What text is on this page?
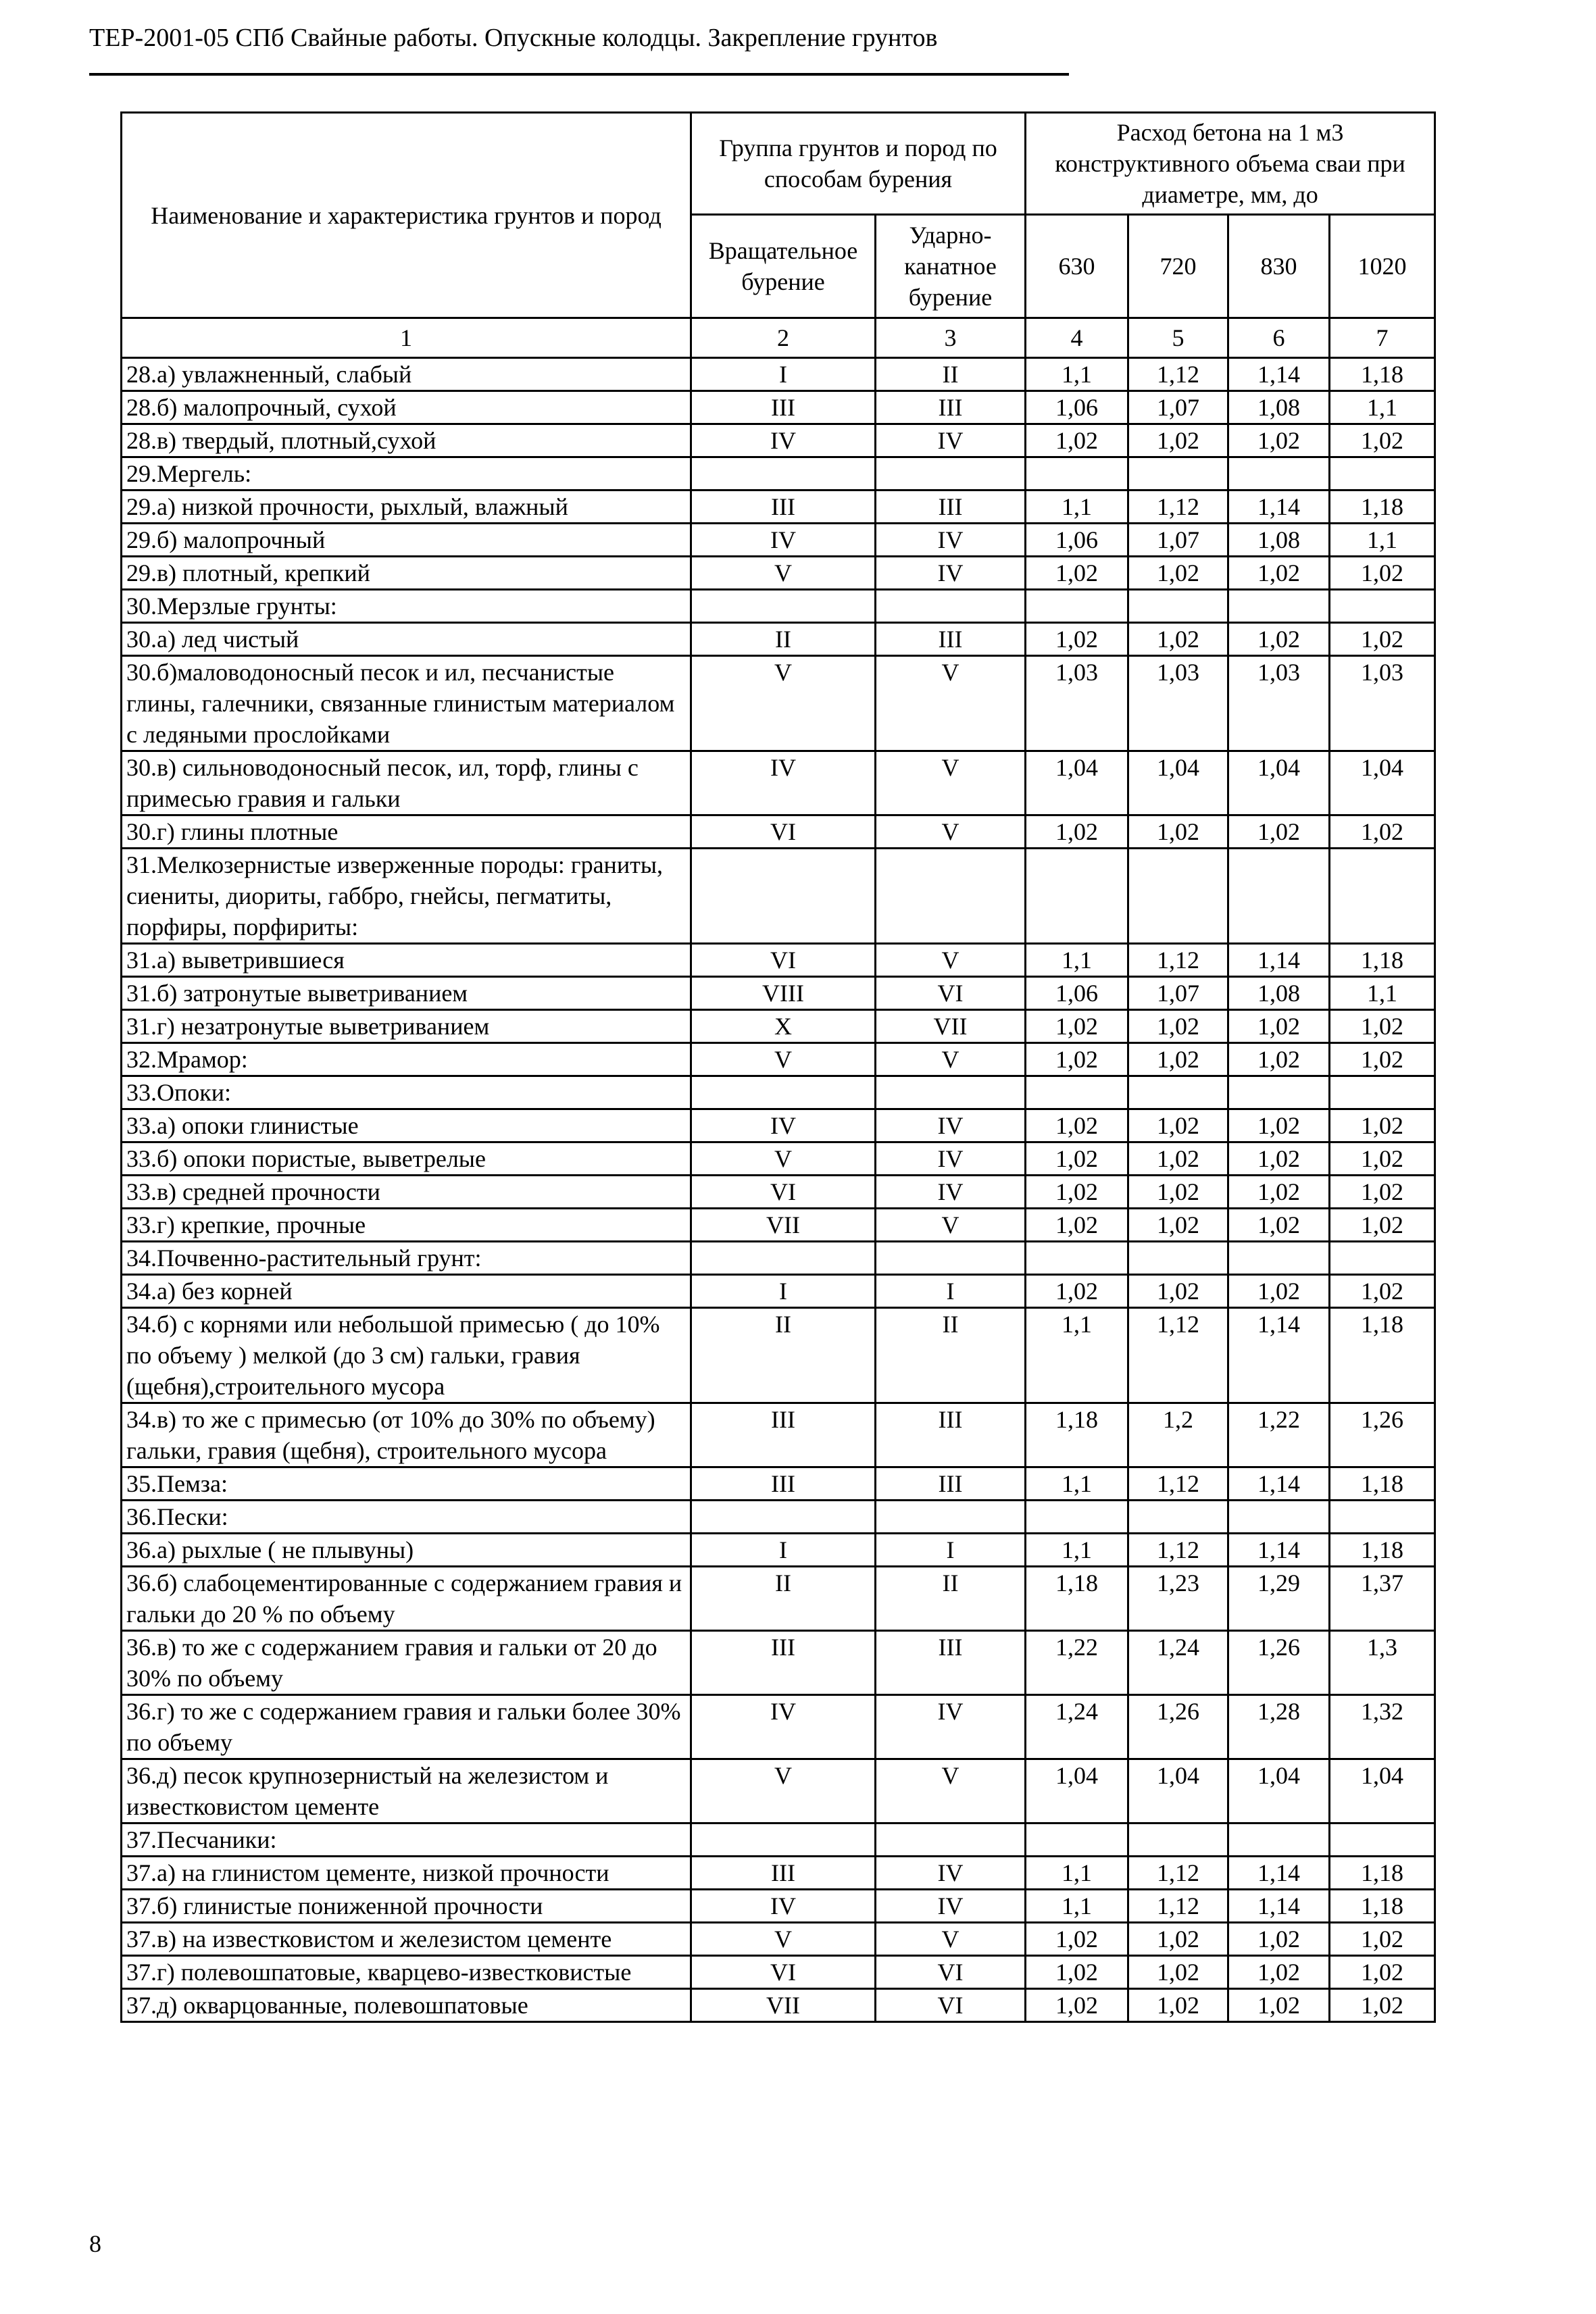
ТЕР-2001-05 СПб Свайные работы. Опускные колодцы. Закрепление грунтов
Наименование и характеристика грунтов и пород	Группа грунтов и пород по способам бурения		Расход бетона на 1 м3 конструктивного объема сваи при диаметре, мм, до			
	Вращательное бурение	Ударно-канатное бурение	630	720	830	1020
1	2	3	4	5	6	7
28.а) увлажненный, слабый	I	II	1,1	1,12	1,14	1,18
28.б) малопрочный, сухой	III	III	1,06	1,07	1,08	1,1
28.в) твердый, плотный,сухой	IV	IV	1,02	1,02	1,02	1,02
29.Мергель:						
29.а) низкой прочности, рыхлый, влажный	III	III	1,1	1,12	1,14	1,18
29.б) малопрочный	IV	IV	1,06	1,07	1,08	1,1
29.в) плотный, крепкий	V	IV	1,02	1,02	1,02	1,02
30.Мерзлые грунты:						
30.а) лед чистый	II	III	1,02	1,02	1,02	1,02
30.б)маловодоносный песок и ил, песчанистые глины, галечники, связанные глинистым материалом с ледяными прослойками	V	V	1,03	1,03	1,03	1,03
30.в) сильноводоносный песок, ил, торф, глины с примесью гравия и гальки	IV	V	1,04	1,04	1,04	1,04
30.г) глины плотные	VI	V	1,02	1,02	1,02	1,02
31.Мелкозернистые изверженные породы: граниты, сиениты, диориты, габбро, гнейсы, пегматиты, порфиры, порфириты:						
31.а) выветрившиеся	VI	V	1,1	1,12	1,14	1,18
31.б) затронутые выветриванием	VIII	VI	1,06	1,07	1,08	1,1
31.г) незатронутые выветриванием	X	VII	1,02	1,02	1,02	1,02
32.Мрамор:	V	V	1,02	1,02	1,02	1,02
33.Опоки:						
33.а) опоки глинистые	IV	IV	1,02	1,02	1,02	1,02
33.б) опоки пористые, выветрелые	V	IV	1,02	1,02	1,02	1,02
33.в) средней прочности	VI	IV	1,02	1,02	1,02	1,02
33.г) крепкие, прочные	VII	V	1,02	1,02	1,02	1,02
34.Почвенно-растительный грунт:						
34.а) без корней	I	I	1,02	1,02	1,02	1,02
34.б) с корнями или небольшой примесью ( до 10% по объему ) мелкой (до 3 см) гальки, гравия (щебня),строительного мусора	II	II	1,1	1,12	1,14	1,18
34.в) то же с примесью (от 10% до 30% по объему) гальки, гравия (щебня), строительного мусора	III	III	1,18	1,2	1,22	1,26
35.Пемза:	III	III	1,1	1,12	1,14	1,18
36.Пески:						
36.а) рыхлые ( не плывуны)	I	I	1,1	1,12	1,14	1,18
36.б) слабоцементированные с содержанием гравия и гальки до 20 % по объему	II	II	1,18	1,23	1,29	1,37
36.в) то же с содержанием гравия и гальки от 20 до 30% по объему	III	III	1,22	1,24	1,26	1,3
36.г) то же с содержанием гравия и гальки более 30% по объему	IV	IV	1,24	1,26	1,28	1,32
36.д) песок крупнозернистый на железистом и известковистом цементе	V	V	1,04	1,04	1,04	1,04
37.Песчаники:						
37.а) на глинистом цементе, низкой прочности	III	IV	1,1	1,12	1,14	1,18
37.б) глинистые пониженной прочности	IV	IV	1,1	1,12	1,14	1,18
37.в) на известковистом и железистом цементе	V	V	1,02	1,02	1,02	1,02
37.г) полевошпатовые, кварцево-известковистые	VI	VI	1,02	1,02	1,02	1,02
37.д) окварцованные, полевошпатовые	VII	VI	1,02	1,02	1,02	1,02
8
